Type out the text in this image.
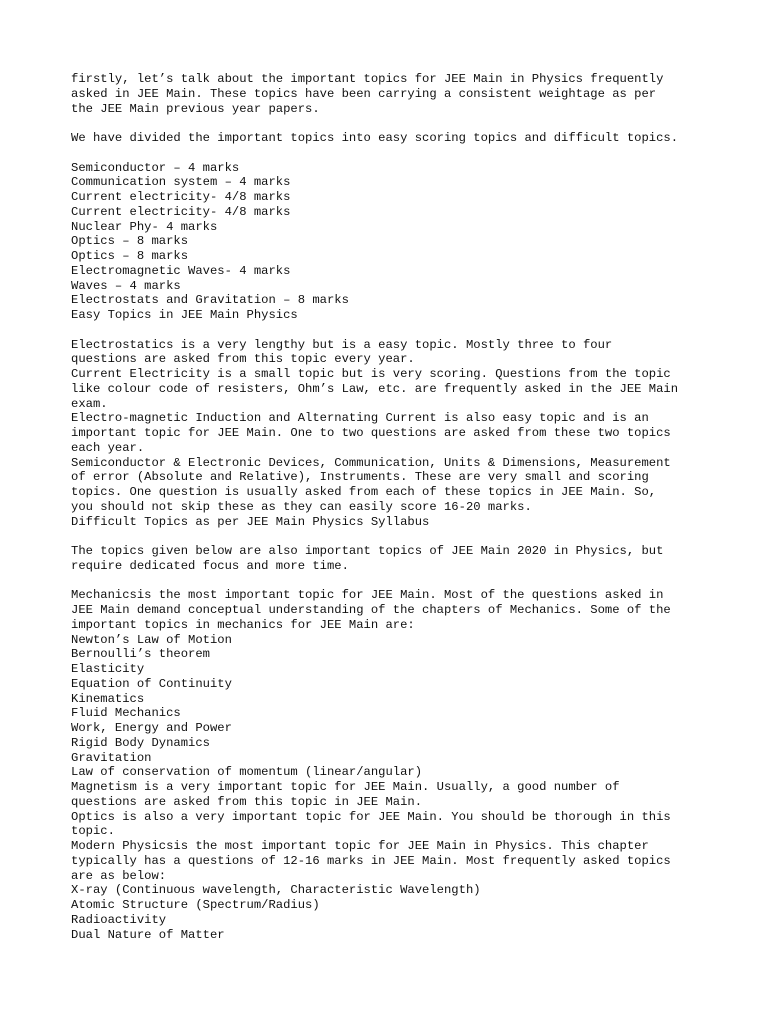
firstly, let’s talk about the important topics for JEE Main in Physics frequently
asked in JEE Main. These topics have been carrying a consistent weightage as per
the JEE Main previous year papers.
We have divided the important topics into easy scoring topics and difficult topics.
Semiconductor – 4 marks
Communication system – 4 marks
Current electricity- 4/8 marks
Current electricity- 4/8 marks
Nuclear Phy- 4 marks
Optics – 8 marks
Optics – 8 marks
Electromagnetic Waves- 4 marks
Waves – 4 marks
Electrostats and Gravitation – 8 marks
Easy Topics in JEE Main Physics
Electrostatics is a very lengthy but is a easy topic. Mostly three to four
questions are asked from this topic every year.
Current Electricity is a small topic but is very scoring. Questions from the topic
like colour code of resisters, Ohm’s Law, etc. are frequently asked in the JEE Main
exam.
Electro-magnetic Induction and Alternating Current is also easy topic and is an
important topic for JEE Main. One to two questions are asked from these two topics
each year.
Semiconductor & Electronic Devices, Communication, Units & Dimensions, Measurement
of error (Absolute and Relative), Instruments. These are very small and scoring
topics. One question is usually asked from each of these topics in JEE Main. So,
you should not skip these as they can easily score 16-20 marks.
Difficult Topics as per JEE Main Physics Syllabus
The topics given below are also important topics of JEE Main 2020 in Physics, but
require dedicated focus and more time.
Mechanicsis the most important topic for JEE Main. Most of the questions asked in
JEE Main demand conceptual understanding of the chapters of Mechanics. Some of the
important topics in mechanics for JEE Main are:
Newton’s Law of Motion
Bernoulli’s theorem
Elasticity
Equation of Continuity
Kinematics
Fluid Mechanics
Work, Energy and Power
Rigid Body Dynamics
Gravitation
Law of conservation of momentum (linear/angular)
Magnetism is a very important topic for JEE Main. Usually, a good number of
questions are asked from this topic in JEE Main.
Optics is also a very important topic for JEE Main. You should be thorough in this
topic.
Modern Physicsis the most important topic for JEE Main in Physics. This chapter
typically has a questions of 12-16 marks in JEE Main. Most frequently asked topics
are as below:
X-ray (Continuous wavelength, Characteristic Wavelength)
Atomic Structure (Spectrum/Radius)
Radioactivity
Dual Nature of Matter
